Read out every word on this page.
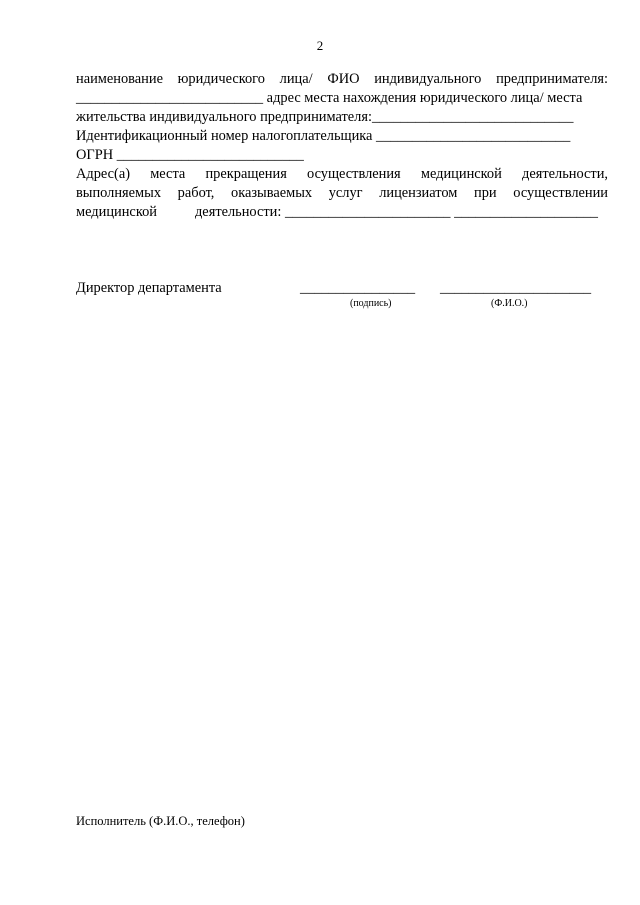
2
наименование юридического лица/ ФИО индивидуального предпринимателя:
__________________________ адрес места нахождения юридического лица/ места
жительства индивидуального предпринимателя:____________________________
Идентификационный номер налогоплательщика ___________________________
ОГРН __________________________
Адрес(а) места прекращения осуществления медицинской деятельности,
выполняемых работ, оказываемых услуг лицензиатом при осуществлении
медицинской	деятельности: _______________________ ____________________
Директор департамента	________________
(подпись)
_____________________
(Ф.И.О.)
Исполнитель (Ф.И.О., телефон)
